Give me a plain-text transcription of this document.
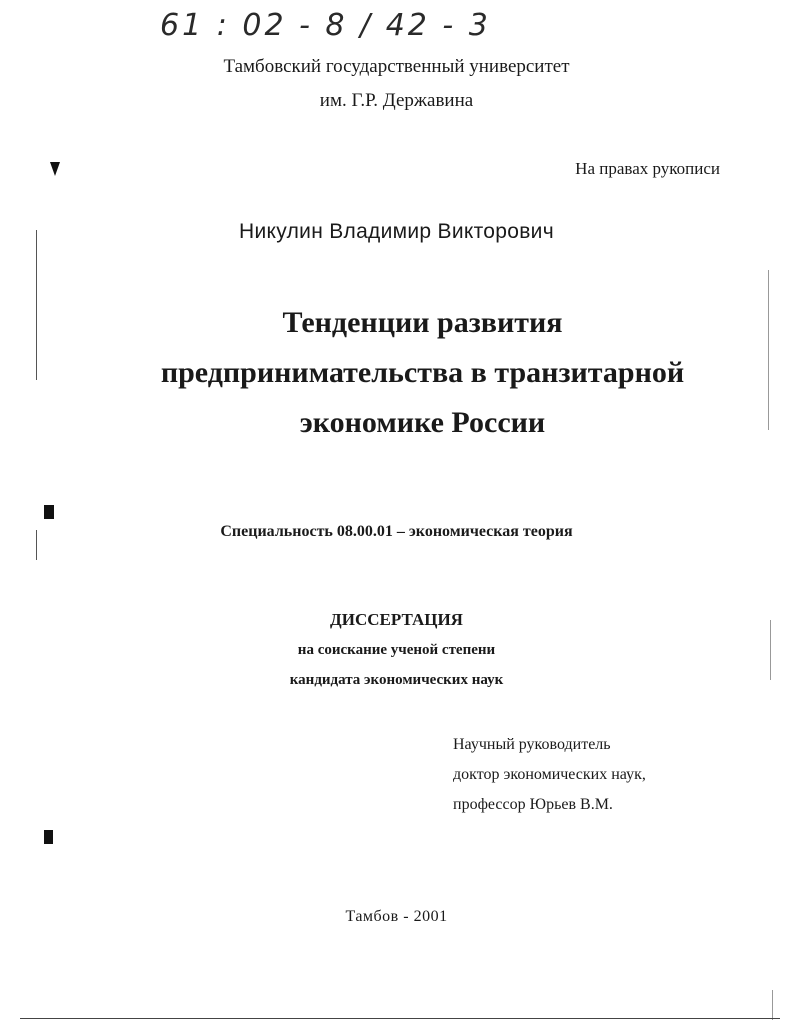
61 : 02 - 8 / 42 - 3
Тамбовский государственный университет
им. Г.Р. Державина
На правах рукописи
Никулин Владимир Викторович
Тенденции развития
предпринимательства в транзитарной
экономике России
Специальность 08.00.01 – экономическая теория
ДИССЕРТАЦИЯ
на соискание ученой степени
кандидата экономических наук
Научный руководитель
доктор экономических наук,
профессор Юрьев В.М.
Тамбов - 2001
